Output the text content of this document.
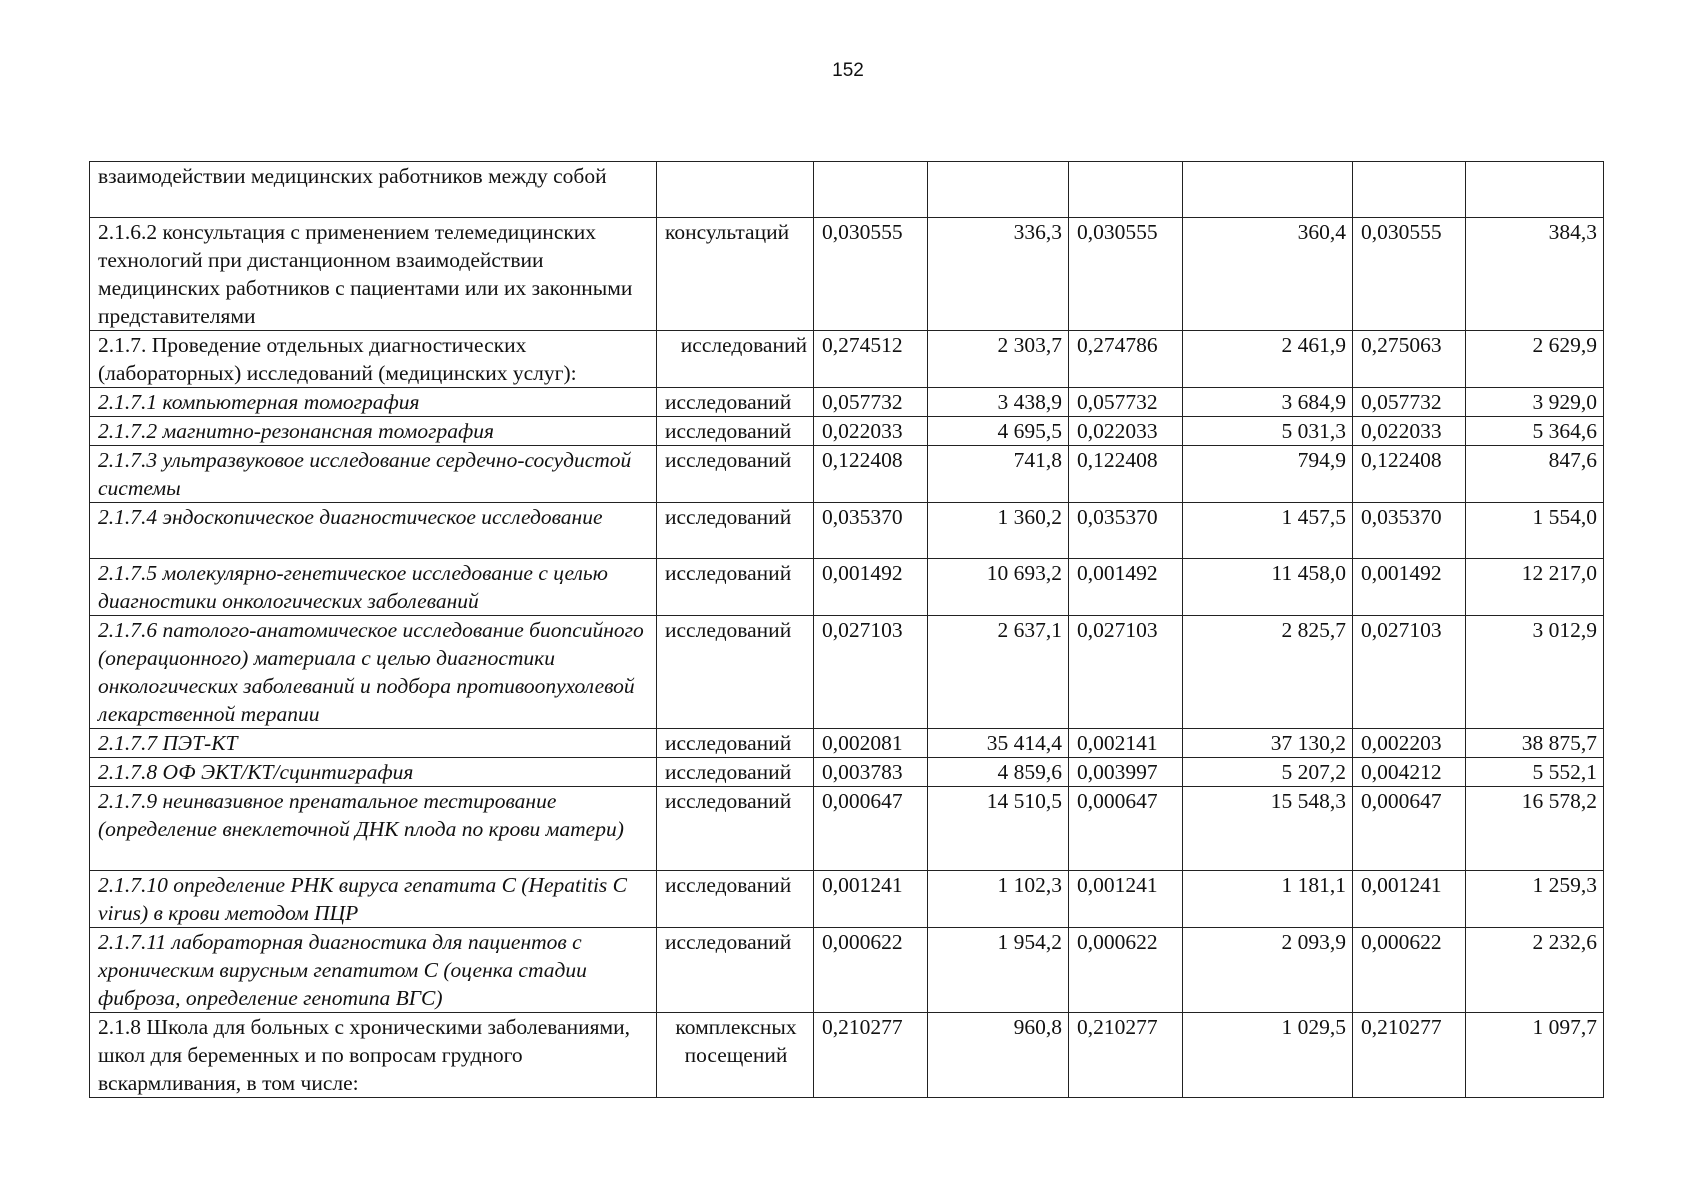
152
взаимодействии медицинских работников между собой							
2.1.6.2 консультация с применением телемедицинских технологий при дистанционном взаимодействии медицинских работников с пациентами или их законными представителями	консультаций	0,030555	336,3	0,030555	360,4	0,030555	384,3
2.1.7. Проведение отдельных диагностических (лабораторных) исследований (медицинских услуг):	исследований	0,274512	2 303,7	0,274786	2 461,9	0,275063	2 629,9
2.1.7.1 компьютерная томография	исследований	0,057732	3 438,9	0,057732	3 684,9	0,057732	3 929,0
2.1.7.2 магнитно-резонансная томография	исследований	0,022033	4 695,5	0,022033	5 031,3	0,022033	5 364,6
2.1.7.3 ультразвуковое исследование сердечно-сосудистой системы	исследований	0,122408	741,8	0,122408	794,9	0,122408	847,6
2.1.7.4 эндоскопическое диагностическое исследование	исследований	0,035370	1 360,2	0,035370	1 457,5	0,035370	1 554,0
2.1.7.5 молекулярно-генетическое исследование с целью диагностики онкологических заболеваний	исследований	0,001492	10 693,2	0,001492	11 458,0	0,001492	12 217,0
2.1.7.6 патолого-анатомическое исследование биопсийного (операционного) материала с целью диагностики онкологических заболеваний и подбора противоопухолевой лекарственной терапии	исследований	0,027103	2 637,1	0,027103	2 825,7	0,027103	3 012,9
2.1.7.7 ПЭТ-КТ	исследований	0,002081	35 414,4	0,002141	37 130,2	0,002203	38 875,7
2.1.7.8 ОФ ЭКТ/КТ/сцинтиграфия	исследований	0,003783	4 859,6	0,003997	5 207,2	0,004212	5 552,1
2.1.7.9 неинвазивное пренатальное тестирование (определение внеклеточной ДНК плода по крови матери)	исследований	0,000647	14 510,5	0,000647	15 548,3	0,000647	16 578,2
2.1.7.10 определение РНК вируса гепатита C (Hepatitis C virus) в крови методом ПЦР	исследований	0,001241	1 102,3	0,001241	1 181,1	0,001241	1 259,3
2.1.7.11 лабораторная диагностика для пациентов с хроническим вирусным гепатитом С (оценка стадии фиброза, определение генотипа ВГС)	исследований	0,000622	1 954,2	0,000622	2 093,9	0,000622	2 232,6
2.1.8 Школа для больных с хроническими заболеваниями, школ для беременных и по вопросам грудного вскармливания, в том числе:	комплексных посещений	0,210277	960,8	0,210277	1 029,5	0,210277	1 097,7
